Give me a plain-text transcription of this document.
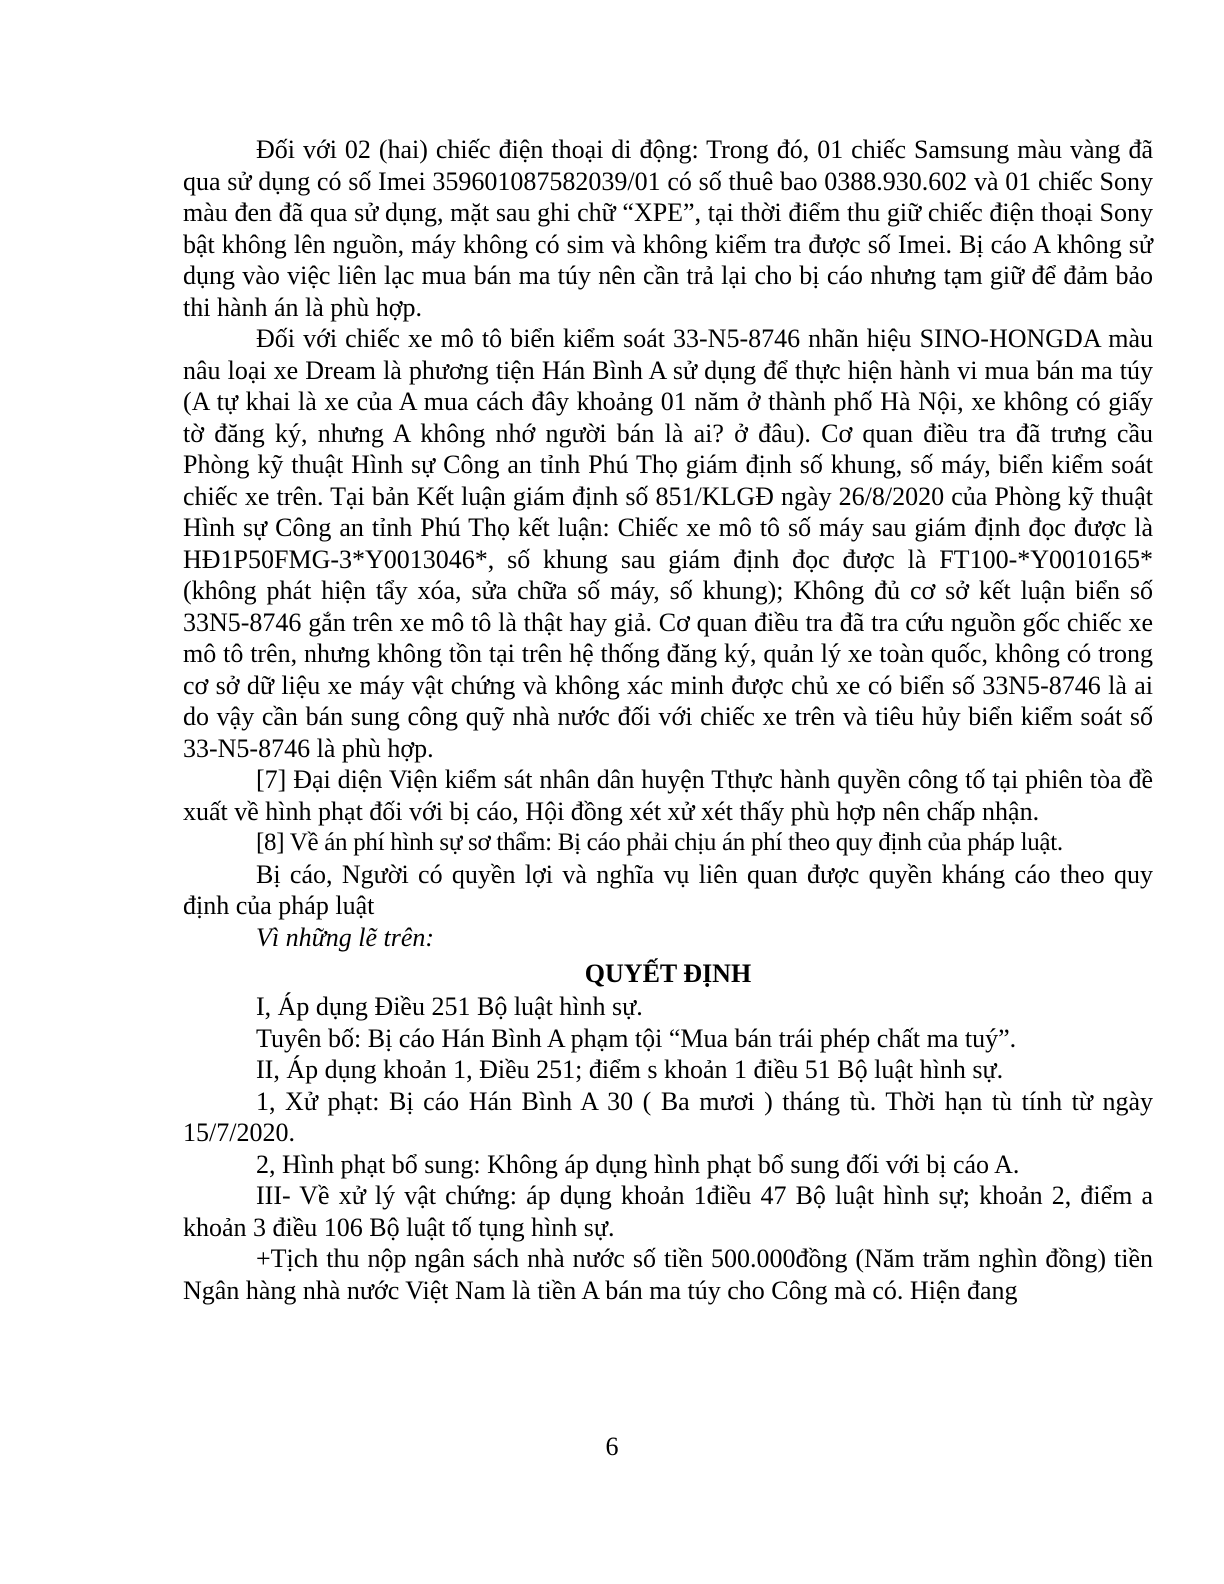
Đối với 02 (hai) chiếc điện thoại di động: Trong đó, 01 chiếc Samsung màu vàng đã qua sử dụng có số Imei 359601087582039/01 có số thuê bao 0388.930.602 và 01 chiếc Sony màu đen đã qua sử dụng, mặt sau ghi chữ “XPE”, tại thời điểm thu giữ chiếc điện thoại Sony bật không lên nguồn, máy không có sim và không kiểm tra được số Imei. Bị cáo A không sử dụng vào việc liên lạc mua bán ma túy nên cần trả lại cho bị cáo nhưng tạm giữ để đảm bảo thi hành án là phù hợp.

Đối với chiếc xe mô tô biển kiểm soát 33-N5-8746 nhãn hiệu SINO-HONGDA màu nâu loại xe Dream là phương tiện Hán Bình A sử dụng để thực hiện hành vi mua bán ma túy (A tự khai là xe của A mua cách đây khoảng 01 năm ở thành phố Hà Nội, xe không có giấy tờ đăng ký, nhưng A không nhớ người bán là ai? ở đâu). Cơ quan điều tra đã trưng cầu Phòng kỹ thuật Hình sự Công an tỉnh Phú Thọ giám định số khung, số máy, biển kiểm soát chiếc xe trên. Tại bản Kết luận giám định số 851/KLGĐ ngày 26/8/2020 của Phòng kỹ thuật Hình sự Công an tỉnh Phú Thọ kết luận: Chiếc xe mô tô số máy sau giám định đọc được là HĐ1P50FMG-3*Y0013046*, số khung sau giám định đọc được là FT100-*Y0010165* (không phát hiện tẩy xóa, sửa chữa số máy, số khung); Không đủ cơ sở kết luận biển số 33N5-8746 gắn trên xe mô tô là thật hay giả. Cơ quan điều tra đã tra cứu nguồn gốc chiếc xe mô tô trên, nhưng không tồn tại trên hệ thống đăng ký, quản lý xe toàn quốc, không có trong cơ sở dữ liệu xe máy vật chứng và không xác minh được chủ xe có biển số 33N5-8746 là ai do vậy cần bán sung công quỹ nhà nước đối với chiếc xe trên và tiêu hủy biển kiểm soát số 33-N5-8746 là phù hợp.

[7] Đại diện Viện kiểm sát nhân dân huyện Tthực hành quyền công tố tại phiên tòa đề xuất về hình phạt đối với bị cáo, Hội đồng xét xử xét thấy phù hợp nên chấp nhận.

[8] Về án phí hình sự sơ thẩm: Bị cáo phải chịu án phí theo quy định của pháp luật.

Bị cáo, Người có quyền lợi và nghĩa vụ liên quan được quyền kháng cáo theo quy định của pháp luật

Vì những lẽ trên:

QUYẾT ĐỊNH

I, Áp dụng Điều 251 Bộ luật hình sự.

Tuyên bố: Bị cáo Hán Bình A phạm tội “Mua bán trái phép chất ma tuý”.

II, Áp dụng khoản 1, Điều 251; điểm s khoản 1 điều 51 Bộ luật hình sự.

1, Xử phạt: Bị cáo Hán Bình A 30 ( Ba mươi ) tháng tù. Thời hạn tù tính từ ngày 15/7/2020.

2, Hình phạt bổ sung: Không áp dụng hình phạt bổ sung đối với bị cáo A.

III- Về xử lý vật chứng: áp dụng khoản 1điều 47 Bộ luật hình sự; khoản 2, điểm a khoản 3 điều 106 Bộ luật tố tụng hình sự.

+Tịch thu nộp ngân sách nhà nước số tiền 500.000đồng (Năm trăm nghìn đồng) tiền Ngân hàng nhà nước Việt Nam là tiền A bán ma túy cho Công mà có. Hiện đang

6
